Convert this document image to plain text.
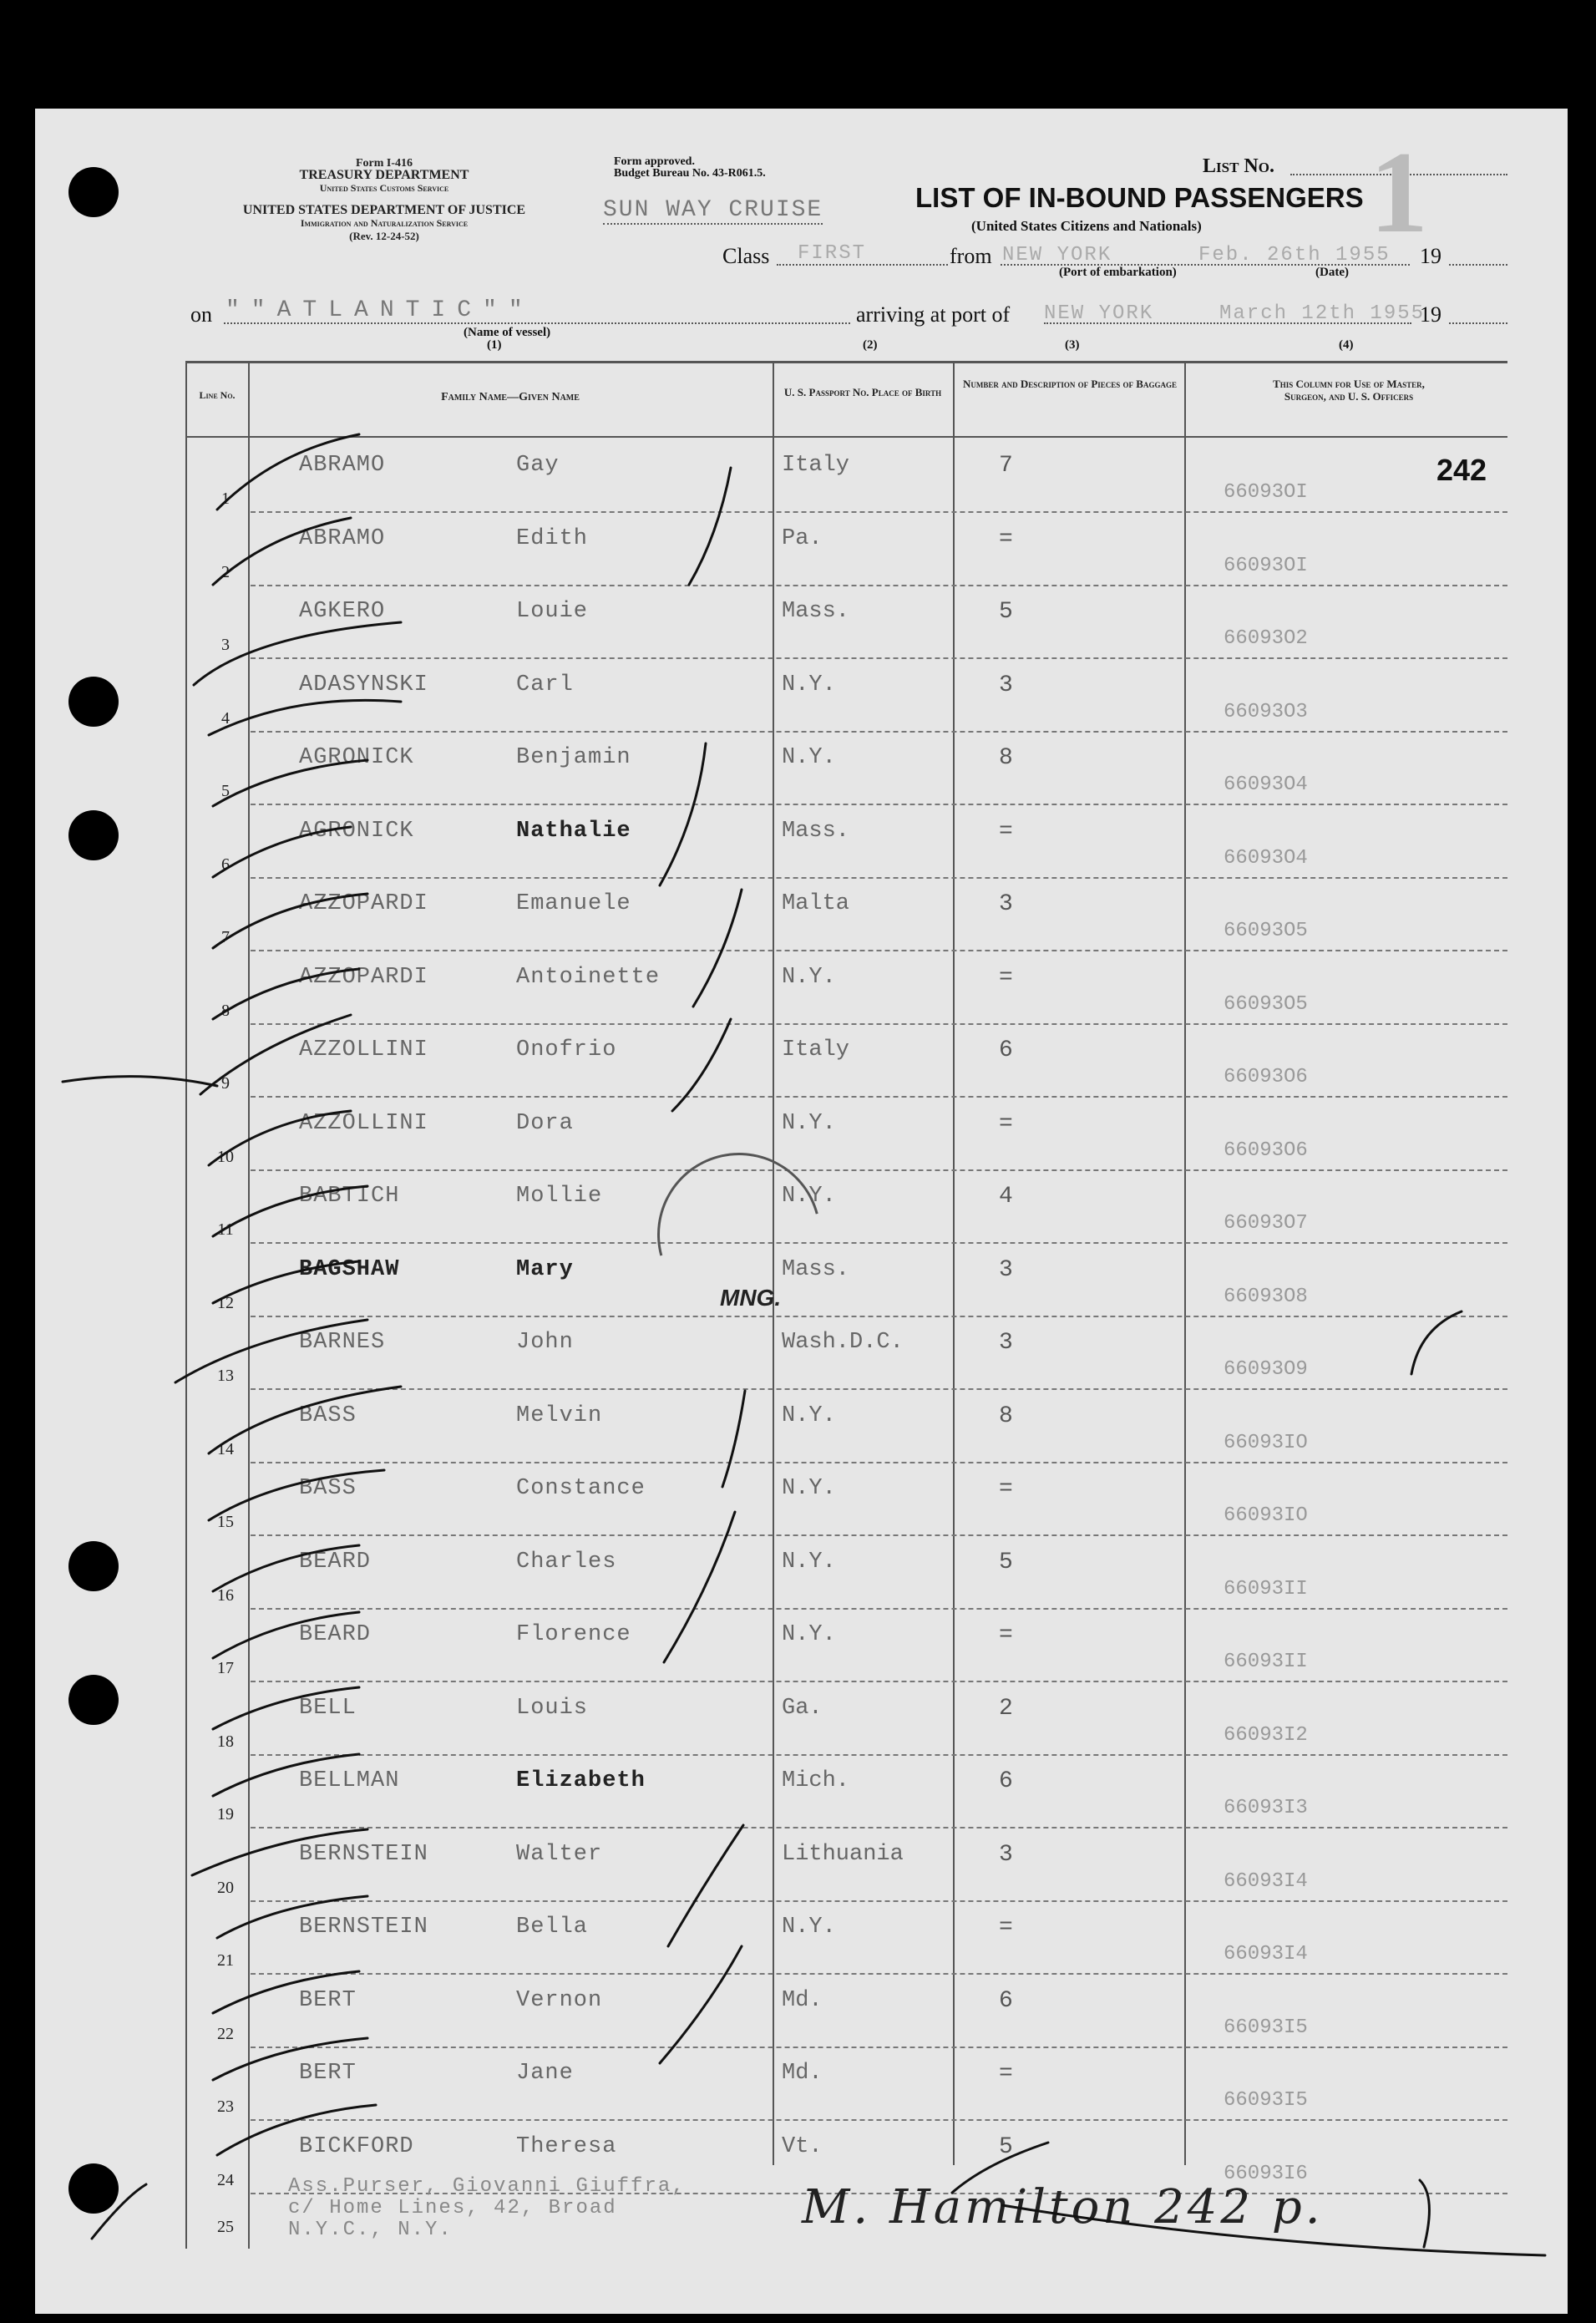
Form I-416
TREASURY DEPARTMENT
United States Customs Service
UNITED STATES DEPARTMENT OF JUSTICE
Immigration and Naturalization Service
(Rev. 12-24-52)
Form approved.
Budget Bureau No. 43-R061.5.
SUN WAY CRUISE
List No. 1
LIST OF IN-BOUND PASSENGERS
(United States Citizens and Nationals)
Class FIRST	from NEW YORK	Feb. 26th 1955
(Port of embarkation)	(Date)
19
on ""ATLANTIC""
(Name of vessel)
(1)
arriving at port of NEW YORK	March 12th 1955
19
(2)	(3)	(4)
Line No.	Family Name—Given Name	U. S. Passport No. Place of Birth
Number and Description of Pieces of Baggage	This Column for Use of Master, Surgeon, and U. S. Officers
242
1
ABRAMO	Gay	Italy	7
66093OI
2
ABRAMO	Edith	Pa.	=
66093OI
3
AGKERO	Louie	Mass.	5
66093O2
4
ADASYNSKI	Carl	N.Y.	3
66093O3
5
AGRONICK	Benjamin	N.Y.	8
66093O4
6
AGRONICK	Nathalie	Mass.	=
66093O4
7
AZZOPARDI	Emanuele	Malta	3
66093O5
8
AZZOPARDI	Antoinette	N.Y.	=
66093O5
9
AZZOLLINI	Onofrio	Italy	6
66093O6
10
AZZOLLINI	Dora	N.Y.	=
66093O6
11
BABTICH	Mollie	N.Y.	4
66093O7
12
BAGSHAW	Mary	Mass.	3
66093O8
13
BARNES	John	Wash.D.C.	3
66093O9
14
BASS	Melvin	N.Y.	8
66093IO
15
BASS	Constance	N.Y.	=
66093IO
16
BEARD	Charles	N.Y.	5
66093II
17
BEARD	Florence	N.Y.	=
66093II
18
BELL	Louis	Ga.	2
66093I2
19
BELLMAN	Elizabeth	Mich.	6
66093I3
20
BERNSTEIN	Walter	Lithuania	3
66093I4
21
BERNSTEIN	Bella	N.Y.	=
66093I4
22
BERT	Vernon	Md.	6
66093I5
23
BERT	Jane	Md.	=
66093I5
24
BICKFORD	Theresa	Vt.	5
66093I6
25
Ass.Purser, Giovanni Giuffra,
c/ Home Lines, 42, Broad
N.Y.C., N.Y.	M. Hamilton 242 p.
MNG.
